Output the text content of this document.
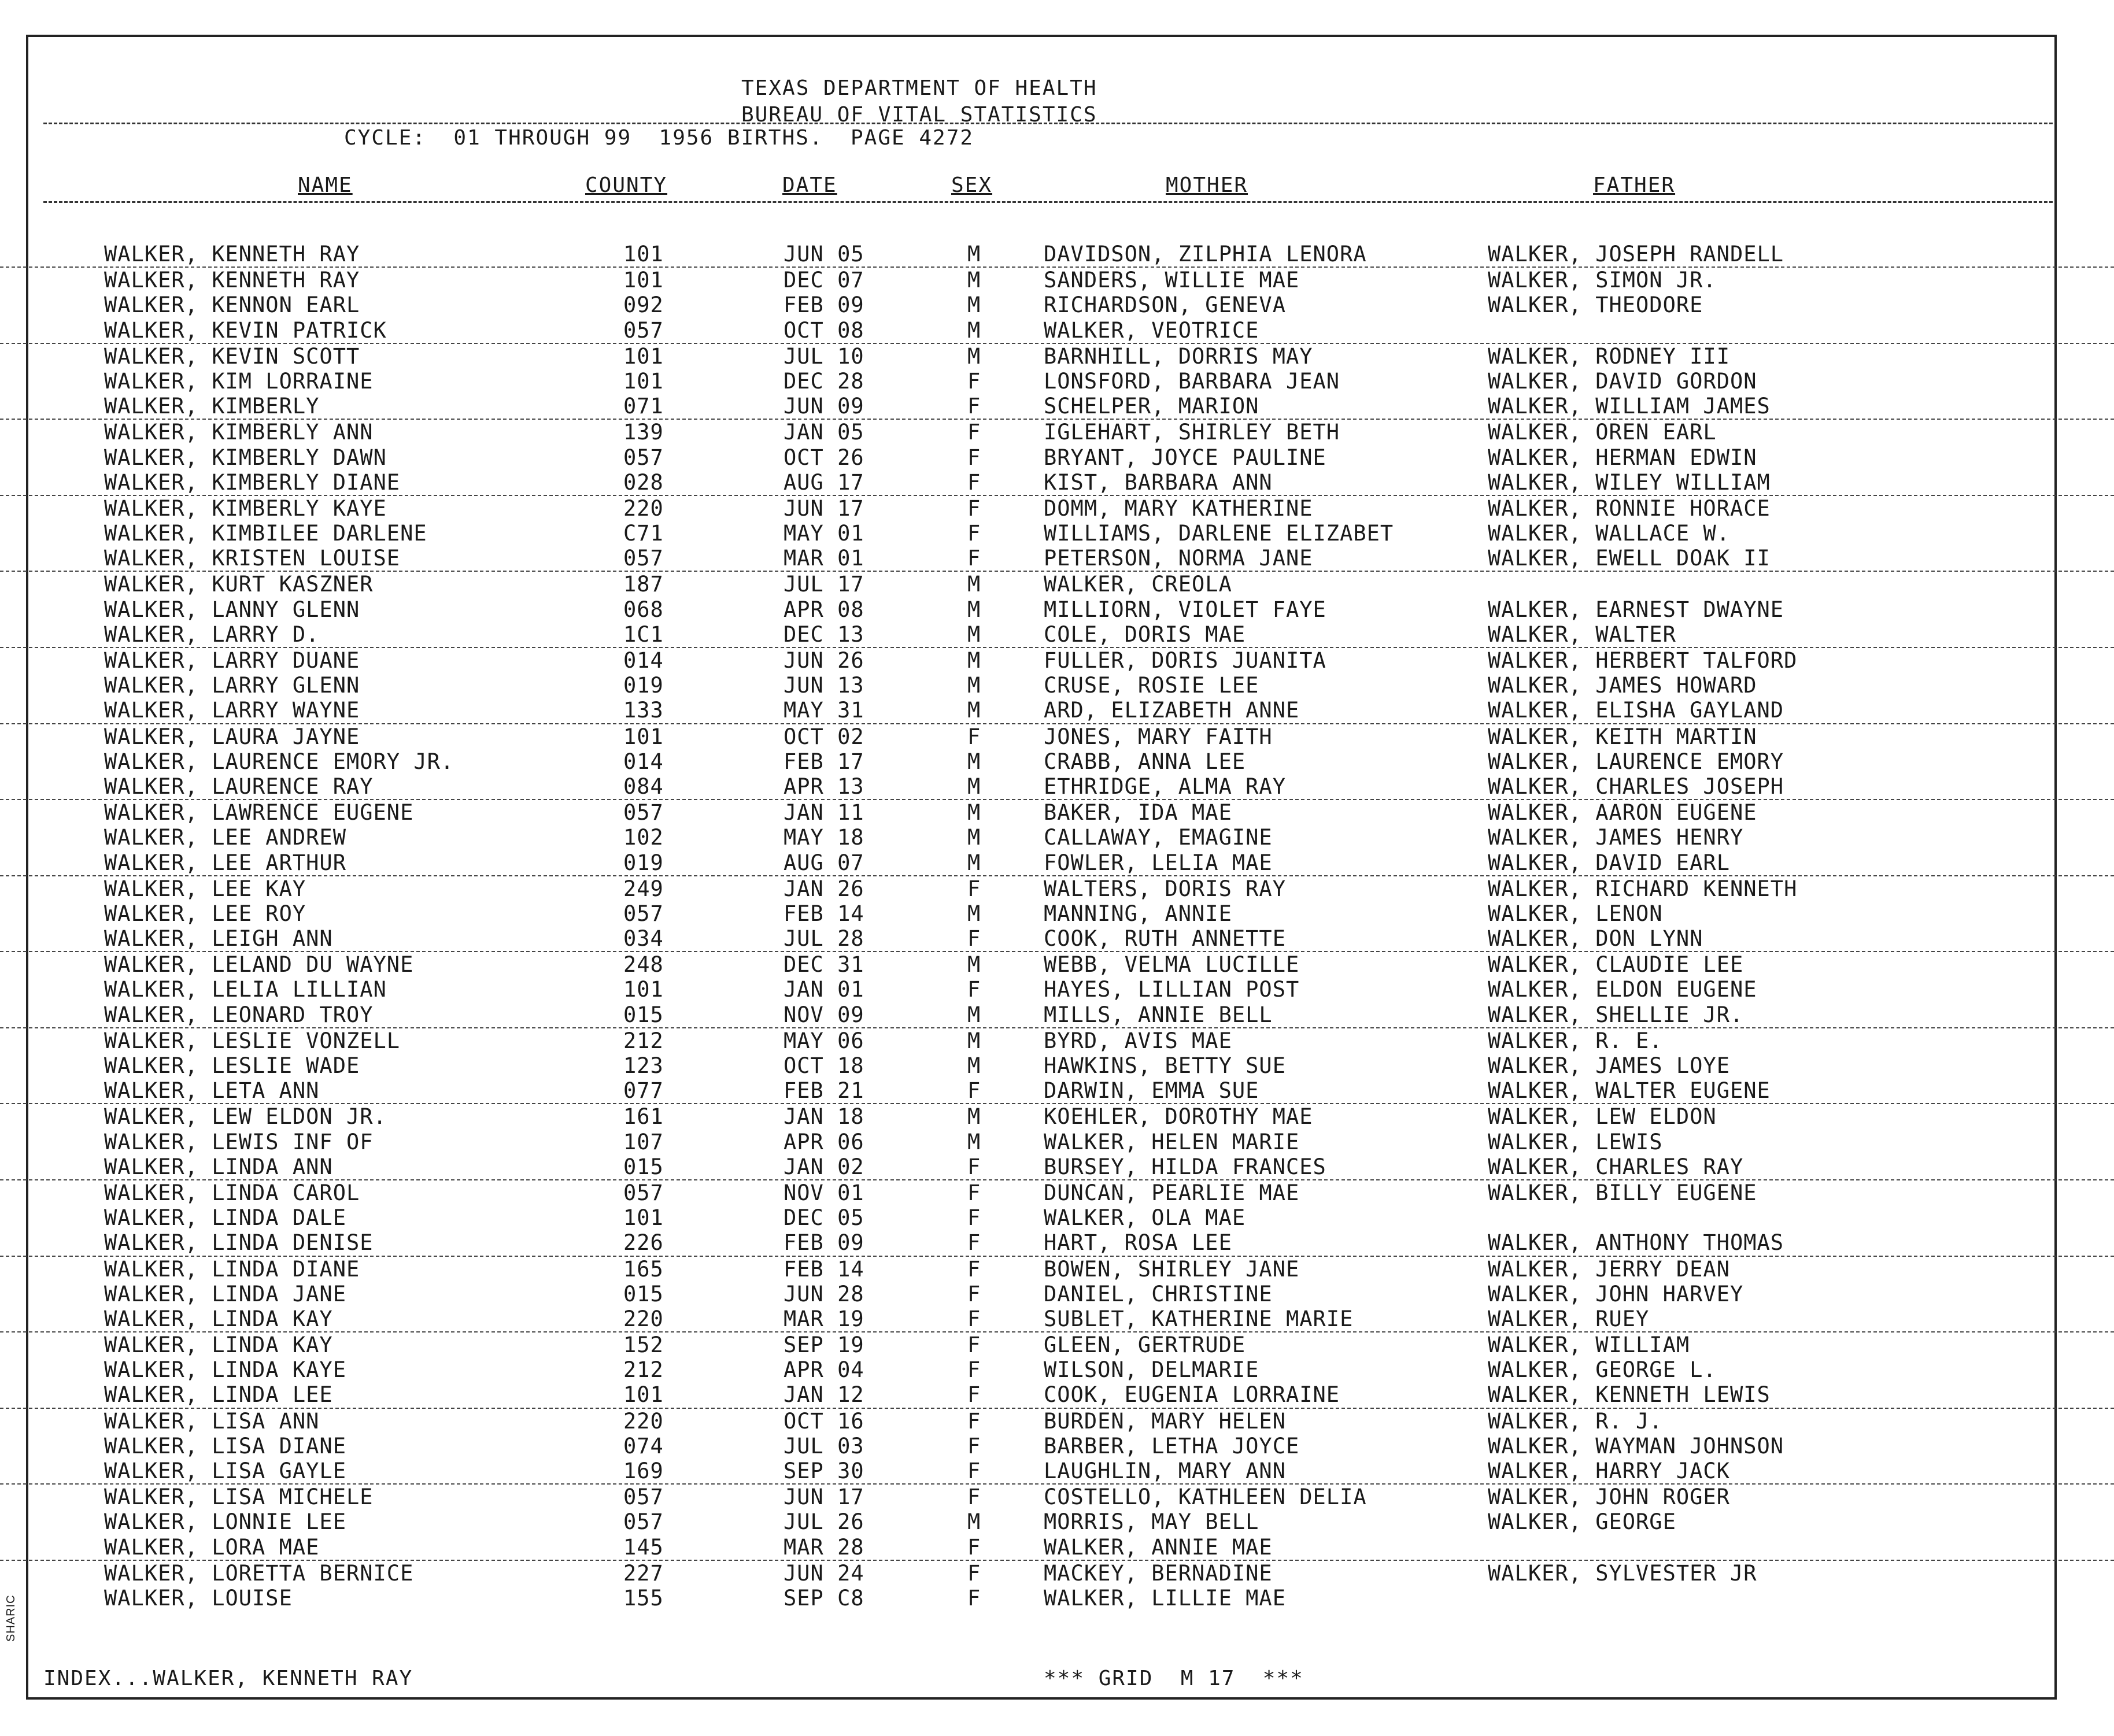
TEXAS DEPARTMENT OF HEALTH
BUREAU OF VITAL STATISTICS
CYCLE: 01 THROUGH 99 1956 BIRTHS. PAGE 4272
NAME	COUNTY	DATE	SEX	MOTHER	FATHER
WALKER, KENNETH RAY	101	JUN 05	M	DAVIDSON, ZILPHIA LENORA	WALKER, JOSEPH RANDELL
WALKER, KENNETH RAY	101	DEC 07	M	SANDERS, WILLIE MAE	WALKER, SIMON JR.
WALKER, KENNON EARL	092	FEB 09	M	RICHARDSON, GENEVA	WALKER, THEODORE
WALKER, KEVIN PATRICK	057	OCT 08	M	WALKER, VEOTRICE
WALKER, KEVIN SCOTT	101	JUL 10	M	BARNHILL, DORRIS MAY	WALKER, RODNEY III
WALKER, KIM LORRAINE	101	DEC 28	F	LONSFORD, BARBARA JEAN	WALKER, DAVID GORDON
WALKER, KIMBERLY	071	JUN 09	F	SCHELPER, MARION	WALKER, WILLIAM JAMES
WALKER, KIMBERLY ANN	139	JAN 05	F	IGLEHART, SHIRLEY BETH	WALKER, OREN EARL
WALKER, KIMBERLY DAWN	057	OCT 26	F	BRYANT, JOYCE PAULINE	WALKER, HERMAN EDWIN
WALKER, KIMBERLY DIANE	028	AUG 17	F	KIST, BARBARA ANN	WALKER, WILEY WILLIAM
WALKER, KIMBERLY KAYE	220	JUN 17	F	DOMM, MARY KATHERINE	WALKER, RONNIE HORACE
WALKER, KIMBILEE DARLENE	C71	MAY 01	F	WILLIAMS, DARLENE ELIZABET	WALKER, WALLACE W.
WALKER, KRISTEN LOUISE	057	MAR 01	F	PETERSON, NORMA JANE	WALKER, EWELL DOAK II
WALKER, KURT KASZNER	187	JUL 17	M	WALKER, CREOLA
WALKER, LANNY GLENN	068	APR 08	M	MILLIORN, VIOLET FAYE	WALKER, EARNEST DWAYNE
WALKER, LARRY D.	1C1	DEC 13	M	COLE, DORIS MAE	WALKER, WALTER
WALKER, LARRY DUANE	014	JUN 26	M	FULLER, DORIS JUANITA	WALKER, HERBERT TALFORD
WALKER, LARRY GLENN	019	JUN 13	M	CRUSE, ROSIE LEE	WALKER, JAMES HOWARD
WALKER, LARRY WAYNE	133	MAY 31	M	ARD, ELIZABETH ANNE	WALKER, ELISHA GAYLAND
WALKER, LAURA JAYNE	101	OCT 02	F	JONES, MARY FAITH	WALKER, KEITH MARTIN
WALKER, LAURENCE EMORY JR.	014	FEB 17	M	CRABB, ANNA LEE	WALKER, LAURENCE EMORY
WALKER, LAURENCE RAY	084	APR 13	M	ETHRIDGE, ALMA RAY	WALKER, CHARLES JOSEPH
WALKER, LAWRENCE EUGENE	057	JAN 11	M	BAKER, IDA MAE	WALKER, AARON EUGENE
WALKER, LEE ANDREW	102	MAY 18	M	CALLAWAY, EMAGINE	WALKER, JAMES HENRY
WALKER, LEE ARTHUR	019	AUG 07	M	FOWLER, LELIA MAE	WALKER, DAVID EARL
WALKER, LEE KAY	249	JAN 26	F	WALTERS, DORIS RAY	WALKER, RICHARD KENNETH
WALKER, LEE ROY	057	FEB 14	M	MANNING, ANNIE	WALKER, LENON
WALKER, LEIGH ANN	034	JUL 28	F	COOK, RUTH ANNETTE	WALKER, DON LYNN
WALKER, LELAND DU WAYNE	248	DEC 31	M	WEBB, VELMA LUCILLE	WALKER, CLAUDIE LEE
WALKER, LELIA LILLIAN	101	JAN 01	F	HAYES, LILLIAN POST	WALKER, ELDON EUGENE
WALKER, LEONARD TROY	015	NOV 09	M	MILLS, ANNIE BELL	WALKER, SHELLIE JR.
WALKER, LESLIE VONZELL	212	MAY 06	M	BYRD, AVIS MAE	WALKER, R. E.
WALKER, LESLIE WADE	123	OCT 18	M	HAWKINS, BETTY SUE	WALKER, JAMES LOYE
WALKER, LETA ANN	077	FEB 21	F	DARWIN, EMMA SUE	WALKER, WALTER EUGENE
WALKER, LEW ELDON JR.	161	JAN 18	M	KOEHLER, DOROTHY MAE	WALKER, LEW ELDON
WALKER, LEWIS INF OF	107	APR 06	M	WALKER, HELEN MARIE	WALKER, LEWIS
WALKER, LINDA ANN	015	JAN 02	F	BURSEY, HILDA FRANCES	WALKER, CHARLES RAY
WALKER, LINDA CAROL	057	NOV 01	F	DUNCAN, PEARLIE MAE	WALKER, BILLY EUGENE
WALKER, LINDA DALE	101	DEC 05	F	WALKER, OLA MAE
WALKER, LINDA DENISE	226	FEB 09	F	HART, ROSA LEE	WALKER, ANTHONY THOMAS
WALKER, LINDA DIANE	165	FEB 14	F	BOWEN, SHIRLEY JANE	WALKER, JERRY DEAN
WALKER, LINDA JANE	015	JUN 28	F	DANIEL, CHRISTINE	WALKER, JOHN HARVEY
WALKER, LINDA KAY	220	MAR 19	F	SUBLET, KATHERINE MARIE	WALKER, RUEY
WALKER, LINDA KAY	152	SEP 19	F	GLEEN, GERTRUDE	WALKER, WILLIAM
WALKER, LINDA KAYE	212	APR 04	F	WILSON, DELMARIE	WALKER, GEORGE L.
WALKER, LINDA LEE	101	JAN 12	F	COOK, EUGENIA LORRAINE	WALKER, KENNETH LEWIS
WALKER, LISA ANN	220	OCT 16	F	BURDEN, MARY HELEN	WALKER, R. J.
WALKER, LISA DIANE	074	JUL 03	F	BARBER, LETHA JOYCE	WALKER, WAYMAN JOHNSON
WALKER, LISA GAYLE	169	SEP 30	F	LAUGHLIN, MARY ANN	WALKER, HARRY JACK
WALKER, LISA MICHELE	057	JUN 17	F	COSTELLO, KATHLEEN DELIA	WALKER, JOHN ROGER
WALKER, LONNIE LEE	057	JUL 26	M	MORRIS, MAY BELL	WALKER, GEORGE
WALKER, LORA MAE	145	MAR 28	F	WALKER, ANNIE MAE
WALKER, LORETTA BERNICE	227	JUN 24	F	MACKEY, BERNADINE	WALKER, SYLVESTER JR
WALKER, LOUISE	155	SEP C8	F	WALKER, LILLIE MAE
INDEX...WALKER, KENNETH RAY	*** GRID  M 17  ***
SHARIC
